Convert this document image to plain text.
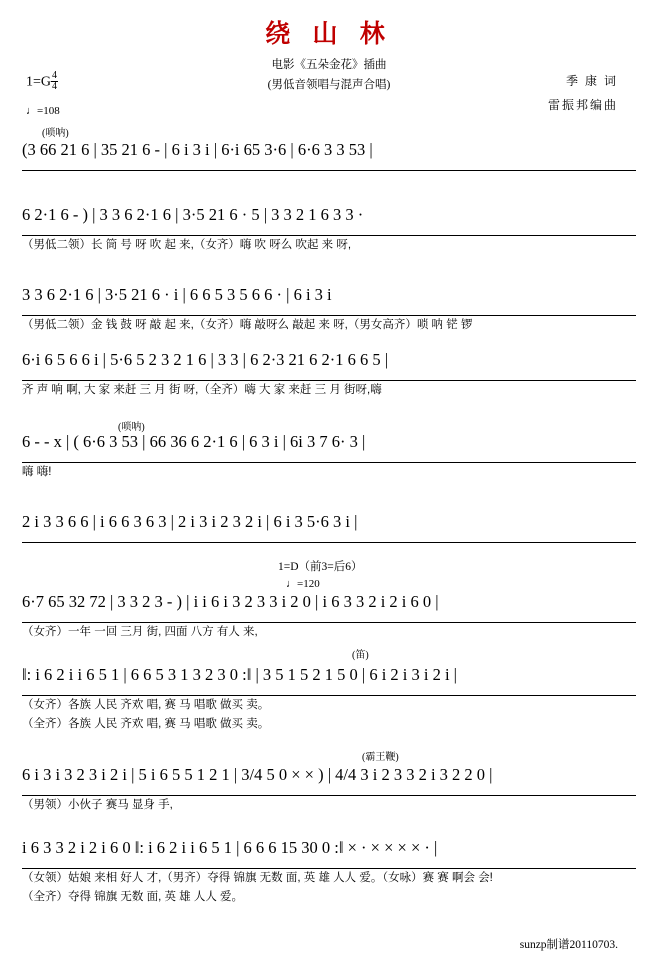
绕 山 林
电影《五朵金花》插曲
(男低音领唱与混声合唱)
$1=G \frac{4}{4}$
♩=108
季 康 词
雷振邦编曲
(唢呐)
(唢呐)
(笛)
(霸王鞭)
1=D（前3=后6）
♩=120
(3 66 21 6 | 35 21 6 - | 6 i 3 i | 6·i 65 3·6 | 6·6 3 3 53 |
6 2·1 6 - ) | 3 3 6 2·1 6 | 3·5 21 6 · 5 | 3 3 2 1 6 3 3 ·
（男低二领）长 筒 号 呀 吹 起 来,（女齐）嗨 吹 呀么 吹起 来 呀,
3 3 6 2·1 6 | 3·5 21 6 · i | 6 6 5 3 5 6 6 · | 6 i 3 i
（男低二领）金 钱 鼓 呀 敲 起 来,（女齐）嗨 敲呀么 敲起 来 呀,（男女高齐）唢 呐 铓 锣
6·i 6 5 6 6 i | 5·6 5 2 3 2 1 6 | 3 3 | 6 2·3 21 6 2·1 6 6 5 |
齐 声 响 啊, 大 家 来赶 三 月 街 呀,（全齐）嗨 大 家 来赶 三 月 街呀,嗨
6 - - x | ( 6·6 3 53 | 66 36 6 2·1 6 | 6 3 i | 6i 3 7 6· 3 |
嗨 嗨!
2 i 3 3 6 6 | i 6 6 3 6 3 | 2 i 3 i 2 3 2 i | 6 i 3 5·6 3 i |
6·7 65 32 72 | 3 3 2 3 - ) | i i 6 i 3 2 3 3 i 2 0 | i 6 3 3 2 i 2 i 6 0 |
（女齐）一年 一回 三月 街, 四面 八方 有人 来,
‖: i 6 2 i i 6 5 1 | 6 6 5 3 1 3 2 3 0 :‖ | 3 5 1 5 2 1 5 0 | 6 i 2 i 3 i 2 i |
（女齐）各族 人民 齐欢 唱, 赛 马 唱歌 做买 卖。
（全齐）各族 人民 齐欢 唱, 赛 马 唱歌 做买 卖。
6 i 3 i 3 2 3 i 2 i | 5 i 6 5 5 1 2 1 | 3/4 5 0 × × ) | 4/4 3 i 2 3 3 2 i 3 2 2 0 |
（男领）小伙子 赛马 显身 手,
i 6 3 3 2 i 2 i 6 0 ‖: i 6 2 i i 6 5 1 | 6 6 6 15 30 0 :‖ × · × × × × · |
（女领）姑娘 来相 好人 才,（男齐）夺得 锦旗 无数 面, 英 雄 人人 爱。（女咏）赛 赛 啊会 会!
（全齐）夺得 锦旗 无数 面, 英 雄 人人 爱。
sunzp制谱20110703.
